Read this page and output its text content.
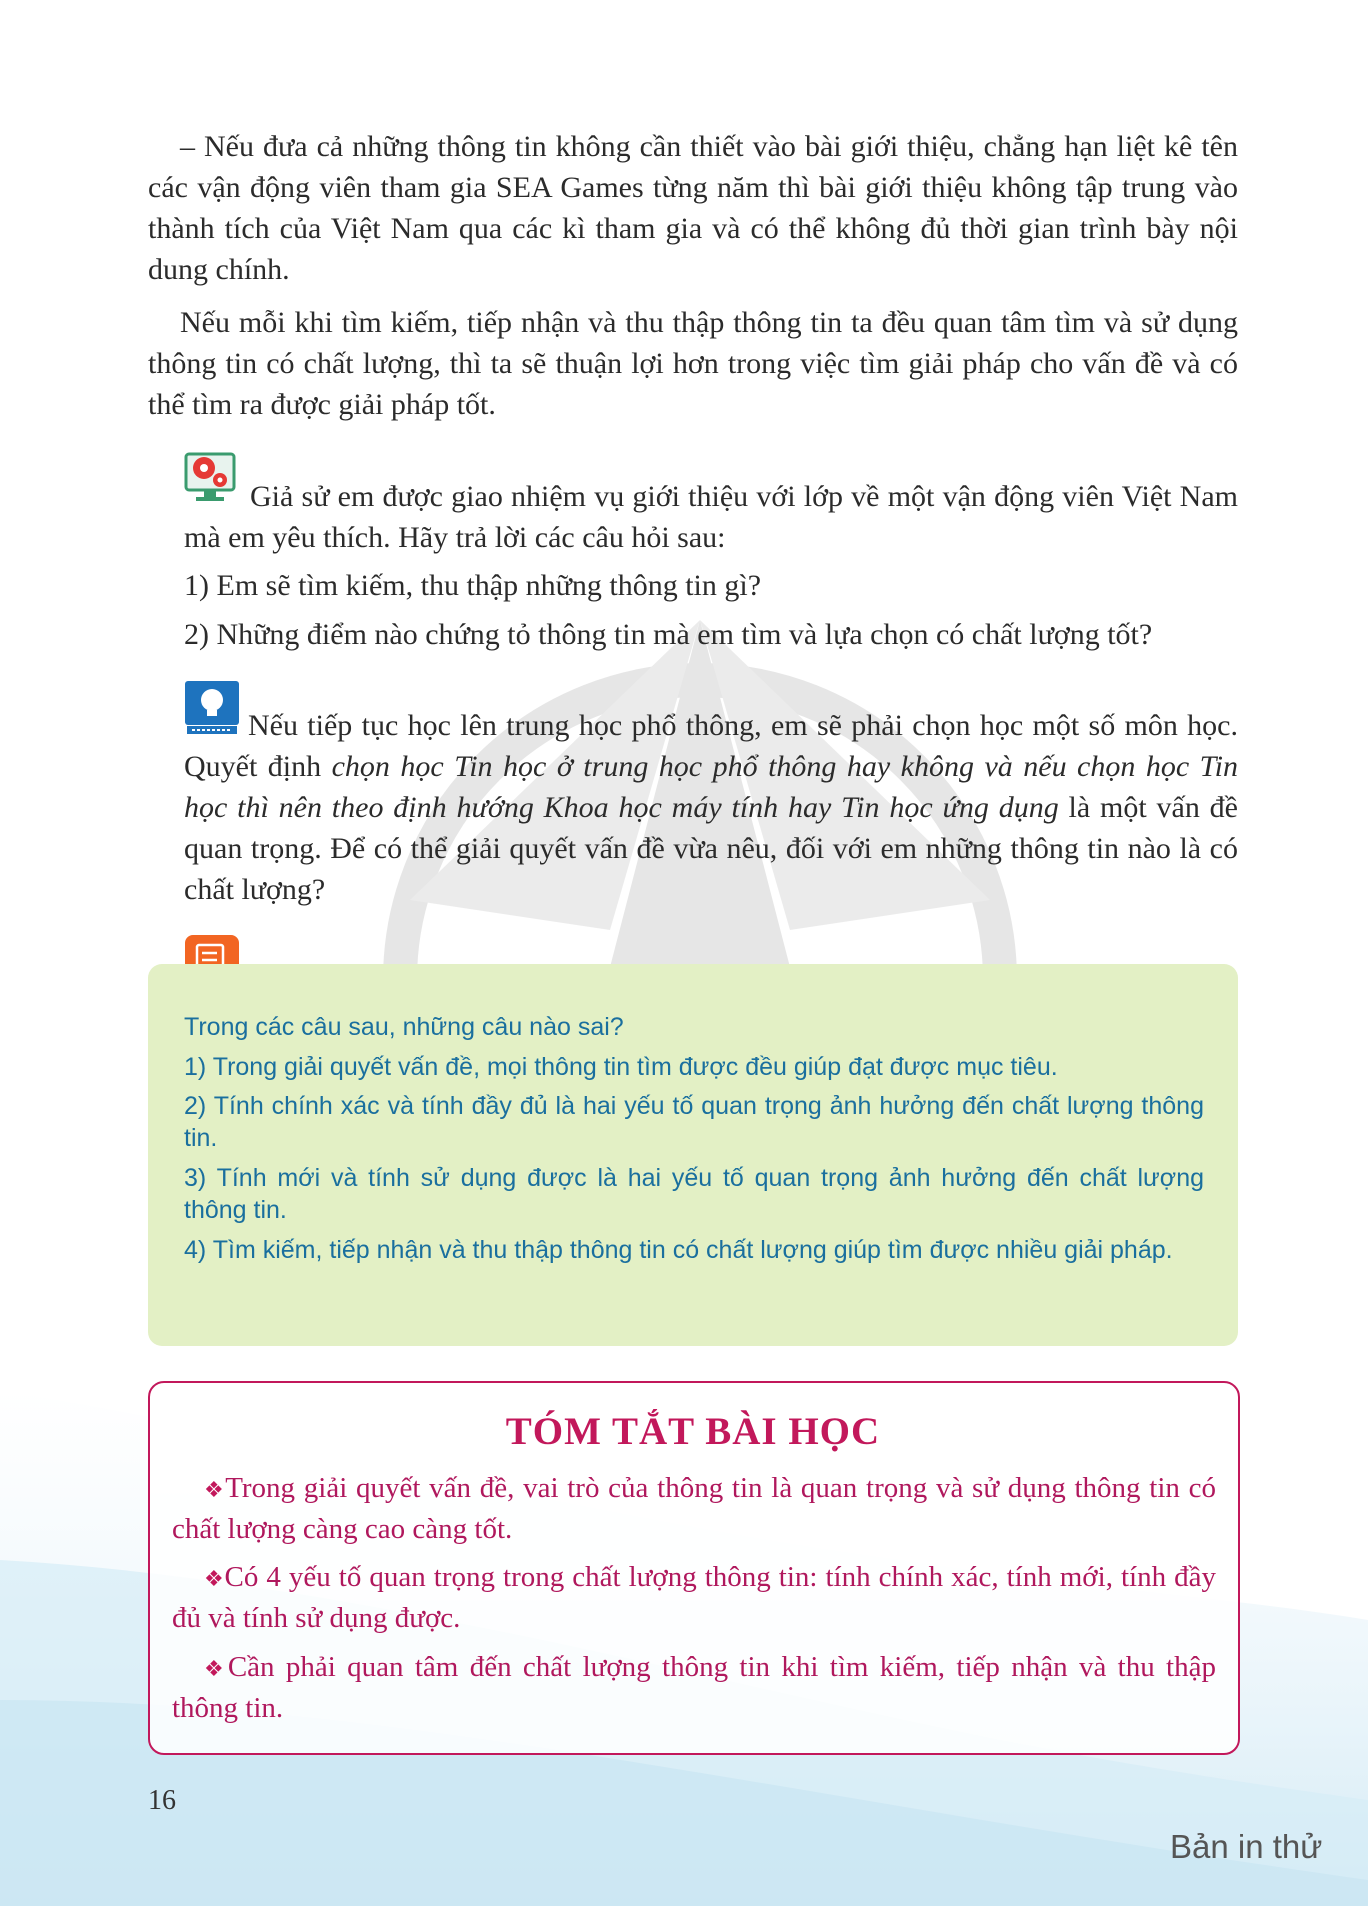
– Nếu đưa cả những thông tin không cần thiết vào bài giới thiệu, chẳng hạn liệt kê tên các vận động viên tham gia SEA Games từng năm thì bài giới thiệu không tập trung vào thành tích của Việt Nam qua các kì tham gia và có thể không đủ thời gian trình bày nội dung chính.

Nếu mỗi khi tìm kiếm, tiếp nhận và thu thập thông tin ta đều quan tâm tìm và sử dụng thông tin có chất lượng, thì ta sẽ thuận lợi hơn trong việc tìm giải pháp cho vấn đề và có thể tìm ra được giải pháp tốt.

Giả sử em được giao nhiệm vụ giới thiệu với lớp về một vận động viên Việt Nam mà em yêu thích. Hãy trả lời các câu hỏi sau:

1) Em sẽ tìm kiếm, thu thập những thông tin gì?

2) Những điểm nào chứng tỏ thông tin mà em tìm và lựa chọn có chất lượng tốt?

Nếu tiếp tục học lên trung học phổ thông, em sẽ phải chọn học một số môn học. Quyết định chọn học Tin học ở trung học phổ thông hay không và nếu chọn học Tin học thì nên theo định hướng Khoa học máy tính hay Tin học ứng dụng là một vấn đề quan trọng. Để có thể giải quyết vấn đề vừa nêu, đối với em những thông tin nào là có chất lượng?

Trong các câu sau, những câu nào sai?

1) Trong giải quyết vấn đề, mọi thông tin tìm được đều giúp đạt được mục tiêu.

2) Tính chính xác và tính đầy đủ là hai yếu tố quan trọng ảnh hưởng đến chất lượng thông tin.

3) Tính mới và tính sử dụng được là hai yếu tố quan trọng ảnh hưởng đến chất lượng thông tin.

4) Tìm kiếm, tiếp nhận và thu thập thông tin có chất lượng giúp tìm được nhiều giải pháp.

TÓM TẮT BÀI HỌC

❖Trong giải quyết vấn đề, vai trò của thông tin là quan trọng và sử dụng thông tin có chất lượng càng cao càng tốt.

❖Có 4 yếu tố quan trọng trong chất lượng thông tin: tính chính xác, tính mới, tính đầy đủ và tính sử dụng được.

❖Cần phải quan tâm đến chất lượng thông tin khi tìm kiếm, tiếp nhận và thu thập thông tin.

16
Bản in thử
